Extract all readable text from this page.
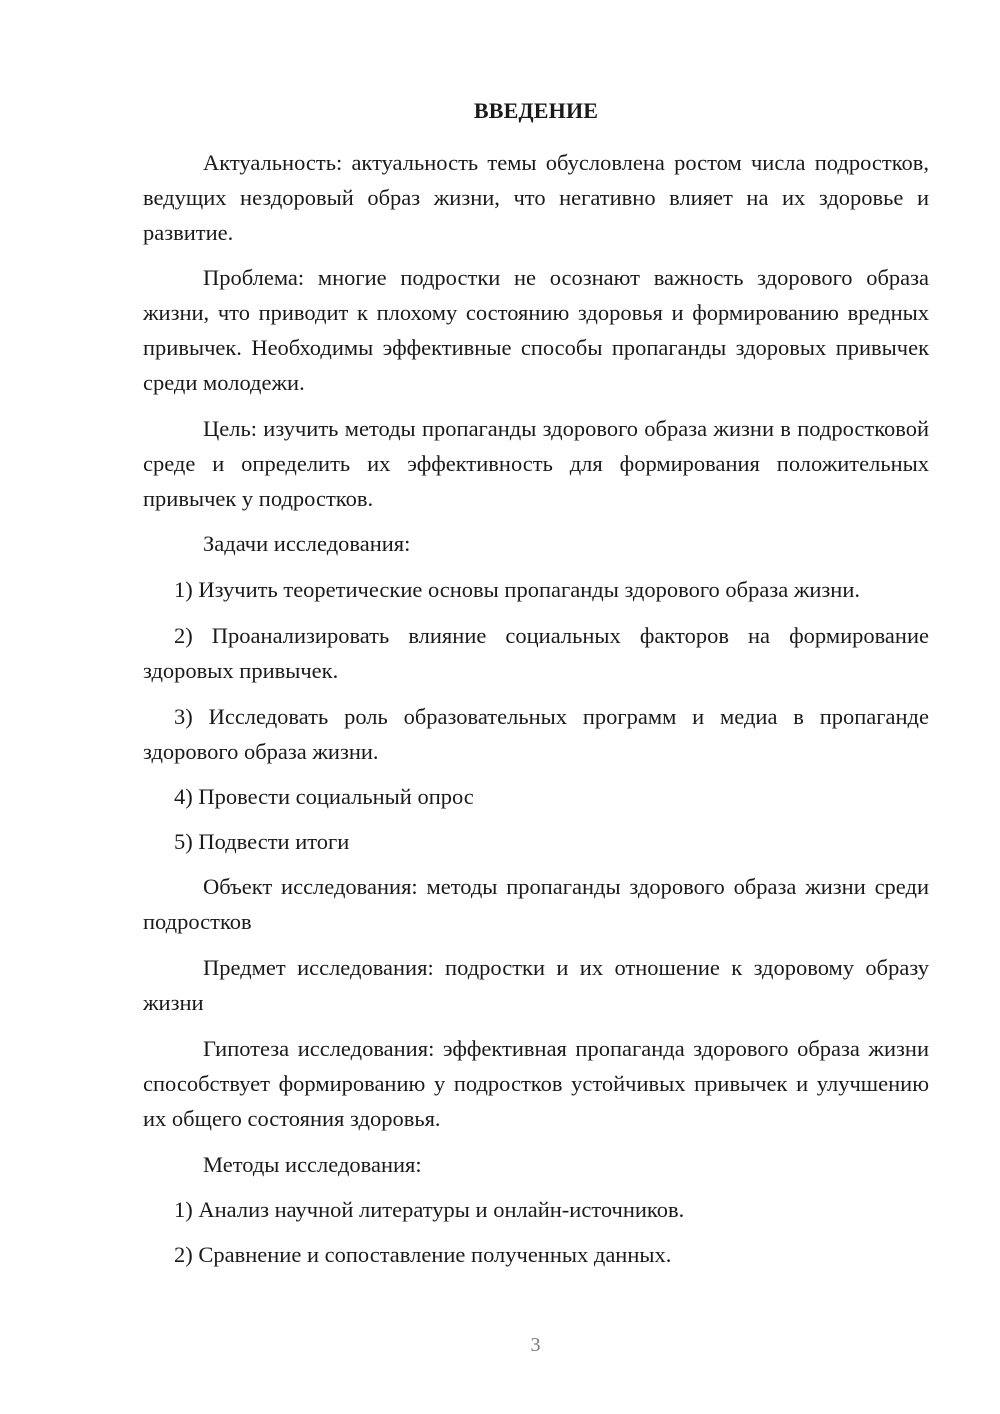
ВВЕДЕНИЕ

Актуальность: актуальность темы обусловлена ростом числа подростков, ведущих нездоровый образ жизни, что негативно влияет на их здоровье и развитие.

Проблема: многие подростки не осознают важность здорового образа жизни, что приводит к плохому состоянию здоровья и формированию вредных привычек. Необходимы эффективные способы пропаганды здоровых привычек среди молодежи.

Цель: изучить методы пропаганды здорового образа жизни в подростковой среде и определить их эффективность для формирования положительных привычек у подростков.

Задачи исследования:

1) Изучить теоретические основы пропаганды здорового образа жизни.

2) Проанализировать влияние социальных факторов на формирование здоровых привычек.

3) Исследовать роль образовательных программ и медиа в пропаганде здорового образа жизни.

4) Провести социальный опрос

5) Подвести итоги

Объект исследования: методы пропаганды здорового образа жизни среди подростков

Предмет исследования: подростки и их отношение к здоровому образу жизни

Гипотеза исследования: эффективная пропаганда здорового образа жизни способствует формированию у подростков устойчивых привычек и улучшению их общего состояния здоровья.

Методы исследования:

1) Анализ научной литературы и онлайн-источников.

2) Сравнение и сопоставление полученных данных.

3
